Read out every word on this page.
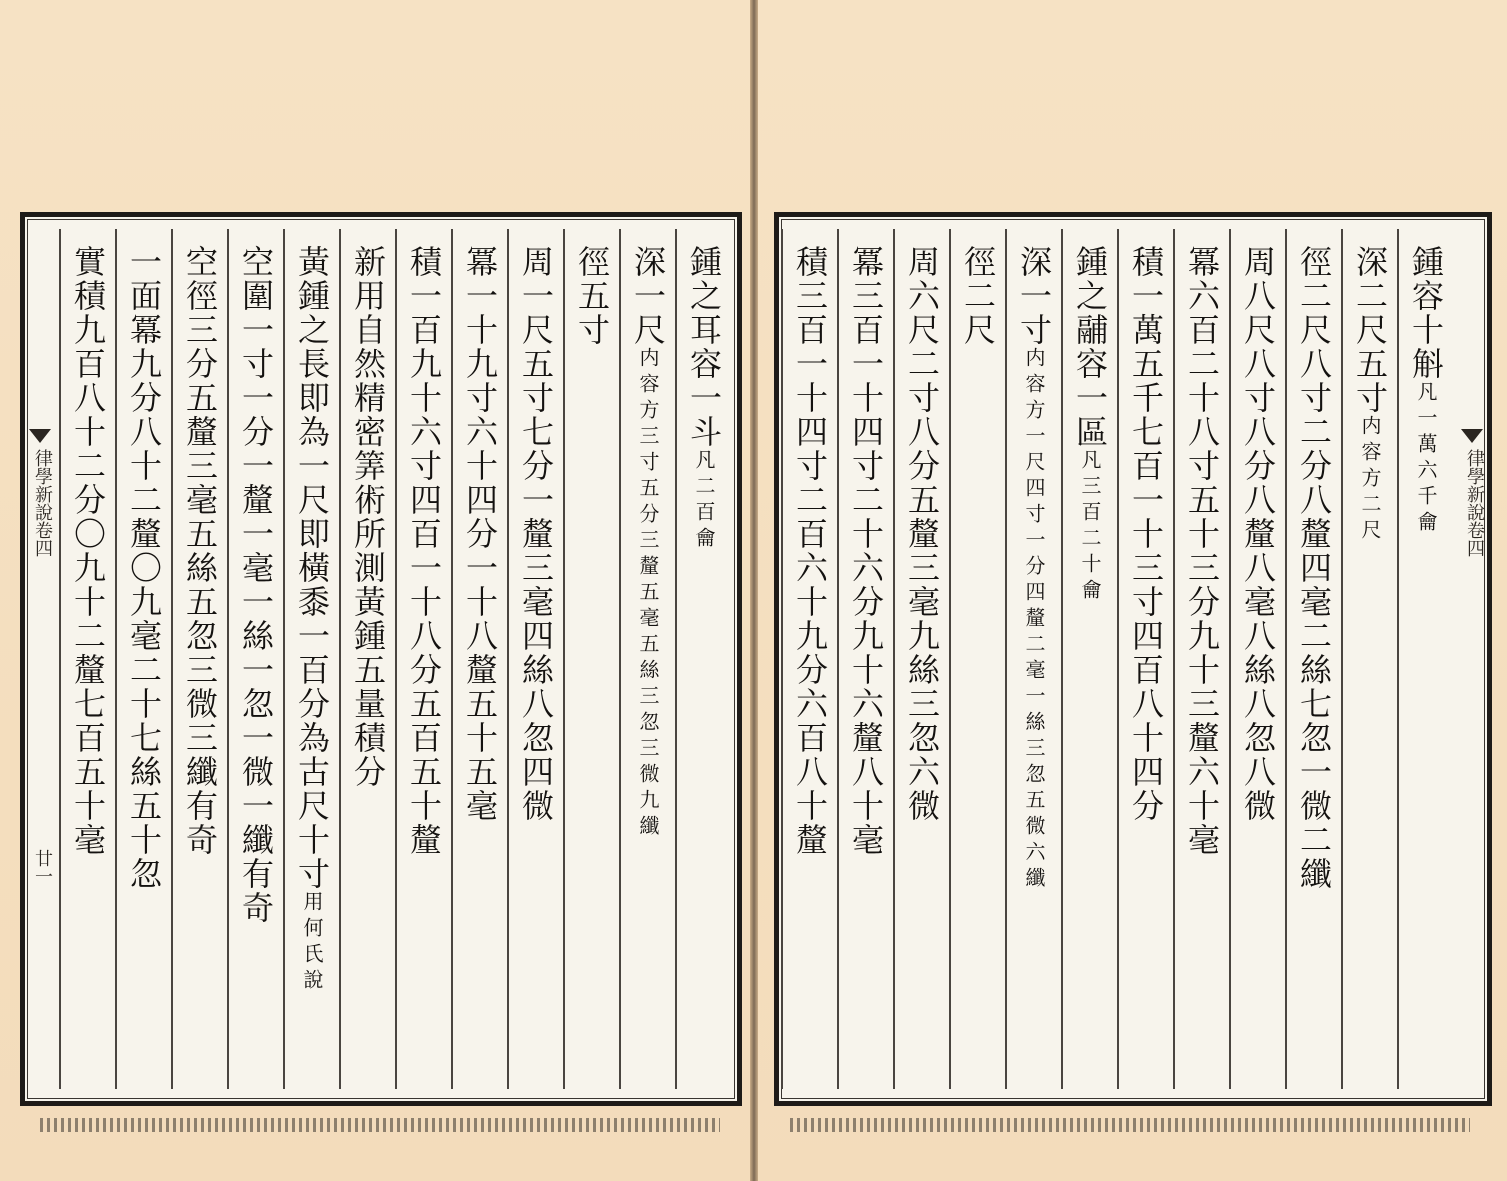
律學新說卷四
廿一
鍾之耳容一斗凡二百龠
深一尺内容方三寸五分三釐五毫五絲三忽三微九纖
徑五寸
周一尺五寸七分一釐三毫四絲八忽四微
冪一十九寸六十四分一十八釐五十五毫
積一百九十六寸四百一十八分五百五十釐
新用自然精密筭術所測黃鍾五量積分
黃鍾之長即為一尺即橫黍一百分為古尺十寸用何氏說
空圍一寸一分一釐一毫一絲一忽一微一纖有奇
空徑三分五釐三毫五絲五忽三微三纖有奇
一面冪九分八十二釐〇九毫二十七絲五十忽
實積九百八十二分〇九十二釐七百五十毫	律學新說卷四
鍾容十斛凡一萬六千龠
深二尺五寸内容方二尺
徑二尺八寸二分八釐四毫二絲七忽一微二纖
周八尺八寸八分八釐八毫八絲八忽八微
冪六百二十八寸五十三分九十三釐六十毫
積一萬五千七百一十三寸四百八十四分
鍾之鬴容一區凡三百二十龠
深一寸内容方一尺四寸一分四釐二毫一絲三忽五微六纖
徑二尺
周六尺二寸八分五釐三毫九絲三忽六微
冪三百一十四寸二十六分九十六釐八十毫
積三百一十四寸二百六十九分六百八十釐
